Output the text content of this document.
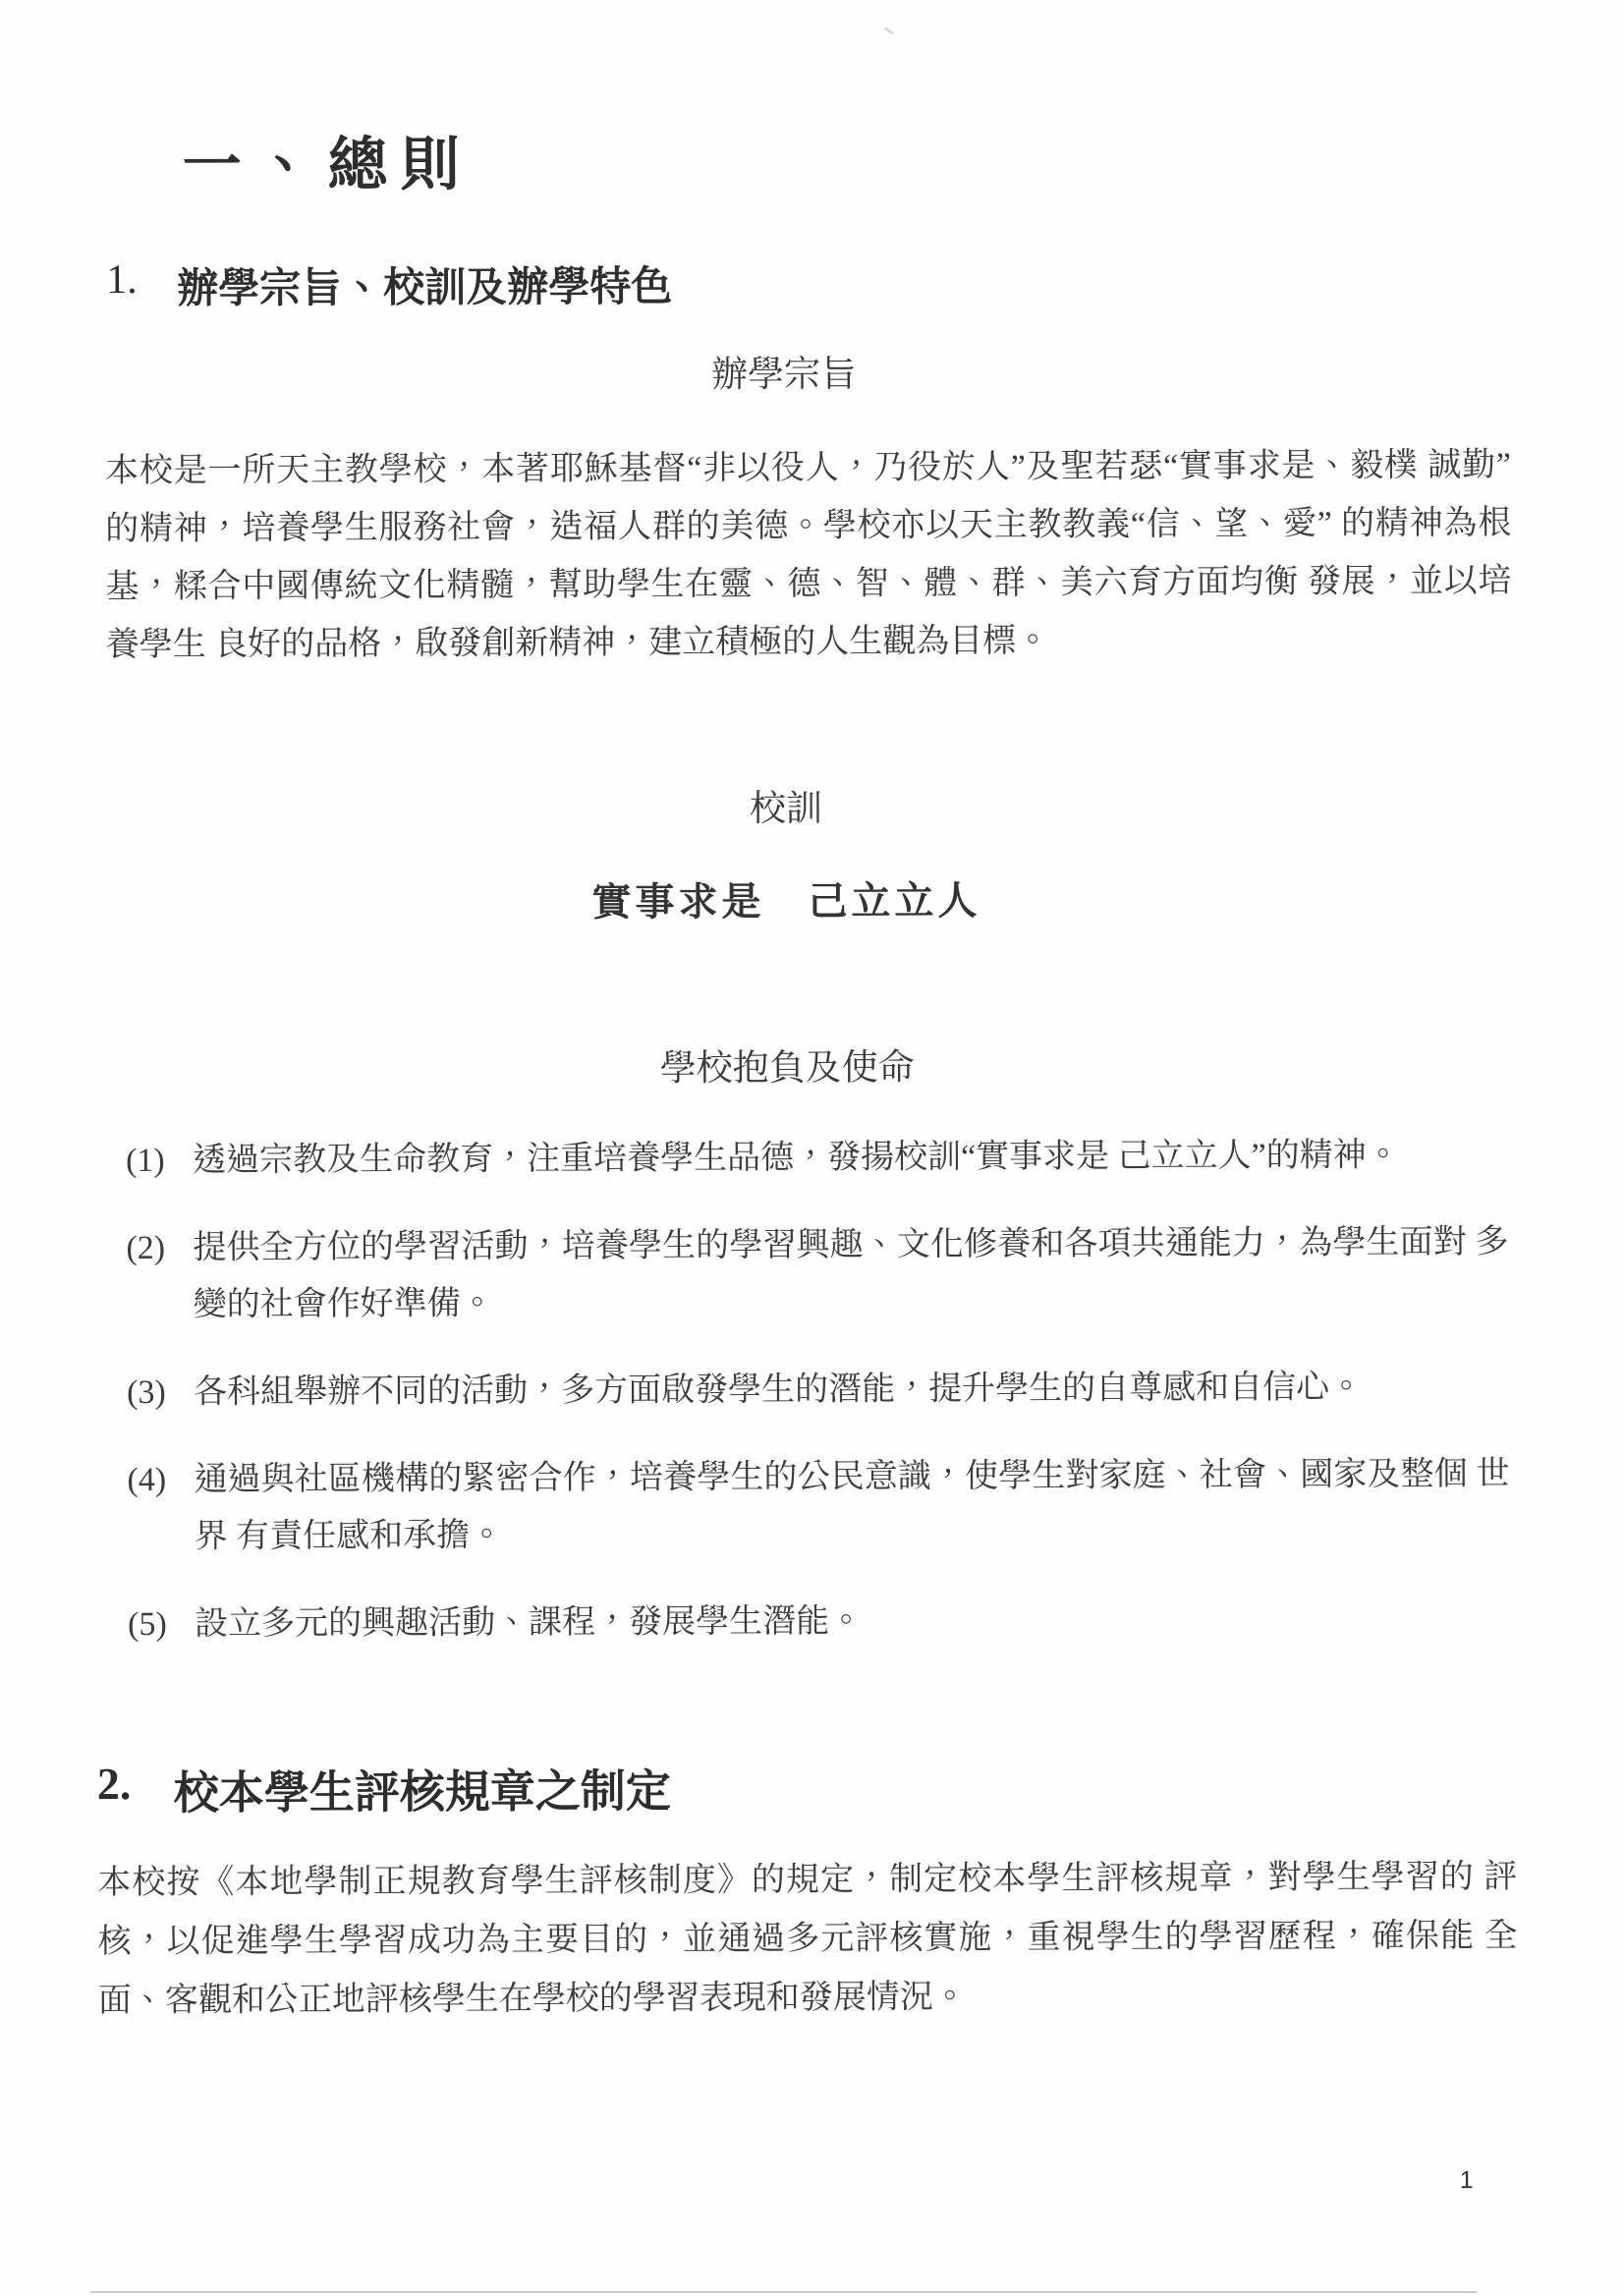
一、總則
1. 辦學宗旨、校訓及辦學特色
辦學宗旨
本校是一所天主教學校，本著耶穌基督“非以役人，乃役於人”及聖若瑟“實事求是、毅樸 誠勤” 的精神，培養學生服務社會，造福人群的美德。學校亦以天主教教義“信、望、愛” 的精神為根 基，糅合中國傳統文化精髓，幫助學生在靈、德、智、體、群、美六育方面均衡 發展，並以培養學生 良好的品格，啟發創新精神，建立積極的人生觀為目標。
校訓
實事求是　己立立人
學校抱負及使命
(1) 透過宗教及生命教育，注重培養學生品德，發揚校訓“實事求是 己立立人”的精神。
(2) 提供全方位的學習活動，培養學生的學習興趣、文化修養和各項共通能力，為學生面對 多變的社會作好準備。
(3) 各科組舉辦不同的活動，多方面啟發學生的潛能，提升學生的自尊感和自信心。
(4) 通過與社區機構的緊密合作，培養學生的公民意識，使學生對家庭、社會、國家及整個 世界 有責任感和承擔。
(5) 設立多元的興趣活動、課程，發展學生潛能。
2. 校本學生評核規章之制定
本校按《本地學制正規教育學生評核制度》的規定，制定校本學生評核規章，對學生學習的 評核，以促進學生學習成功為主要目的，並通過多元評核實施，重視學生的學習歷程，確保能 全面、客觀和公正地評核學生在學校的學習表現和發展情況。
1
